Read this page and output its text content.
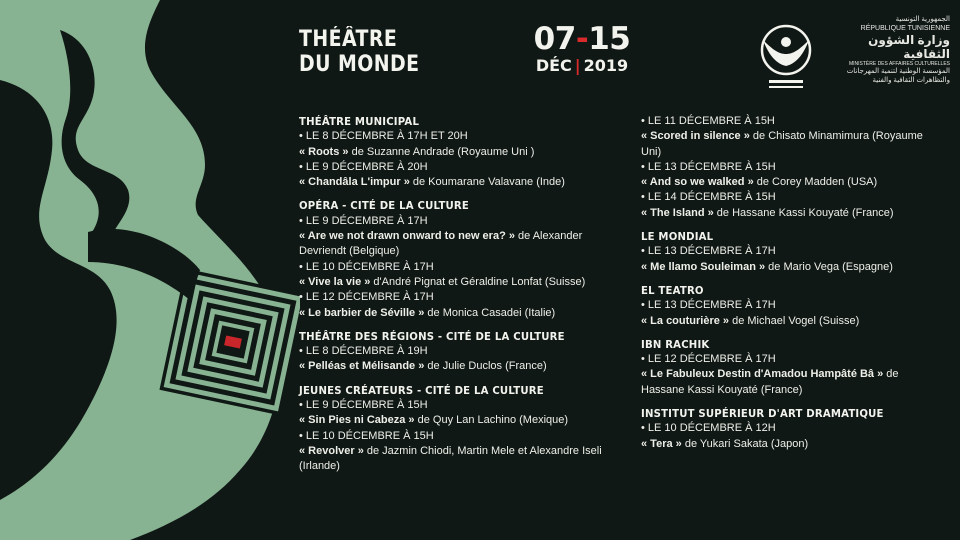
THÉÂTRE
DU MONDE
07-15
DÉC | 2019
الجمهورية التونسية
RÉPUBLIQUE TUNISIENNE
وزارة الشؤون الثقافية
MINISTÈRE DES AFFAIRES CULTURELLES
المؤسسة الوطنية لتنمية المهرجانات
والتظاهرات الثقافية والفنية
THÉÂTRE MUNICIPAL
• LE 8 DÉCEMBRE À 17H ET 20H
« Roots » de Suzanne Andrade (Royaume Uni )
• LE 9 DÉCEMBRE À 20H
« Chandâla L'impur » de Koumarane Valavane (Inde)
OPÉRA - CITÉ DE LA CULTURE
• LE 9 DÉCEMBRE À 17H
« Are we not drawn onward to new era? » de Alexander Devriendt (Belgique)
• LE 10 DÉCEMBRE À 17H
« Vive la vie » d'André Pignat et Géraldine Lonfat (Suisse)
• LE 12 DÉCEMBRE À 17H
« Le barbier de Séville » de Monica Casadei (Italie)
THÉÂTRE DES RÉGIONS - CITÉ DE LA CULTURE
• LE 8 DÉCEMBRE À 19H
« Pelléas et Mélisande » de Julie Duclos (France)
JEUNES CRÉATEURS - CITÉ DE LA CULTURE
• LE 9 DÉCEMBRE À 15H
« Sin Pies ni Cabeza » de Quy Lan Lachino (Mexique)
• LE 10 DÉCEMBRE À 15H
« Revolver » de Jazmin Chiodi, Martin Mele et Alexandre Iseli (Irlande)
• LE 11 DÉCEMBRE À 15H
« Scored in silence » de Chisato Minamimura (Royaume Uni)
• LE 13 DÉCEMBRE À 15H
« And so we walked » de Corey Madden (USA)
• LE 14 DÉCEMBRE À 15H
« The Island » de Hassane Kassi Kouyaté (France)
LE MONDIAL
• LE 13 DÉCEMBRE À 17H
« Me llamo Souleiman » de Mario Vega (Espagne)
EL TEATRO
• LE 13 DÉCEMBRE À 17H
« La couturière » de Michael Vogel (Suisse)
IBN RACHIK
• LE 12 DÉCEMBRE À 17H
« Le Fabuleux Destin d'Amadou Hampâté Bâ » de Hassane Kassi Kouyaté (France)
INSTITUT SUPÉRIEUR D'ART DRAMATIQUE
• LE 10 DÉCEMBRE À 12H
« Tera » de Yukari Sakata (Japon)
